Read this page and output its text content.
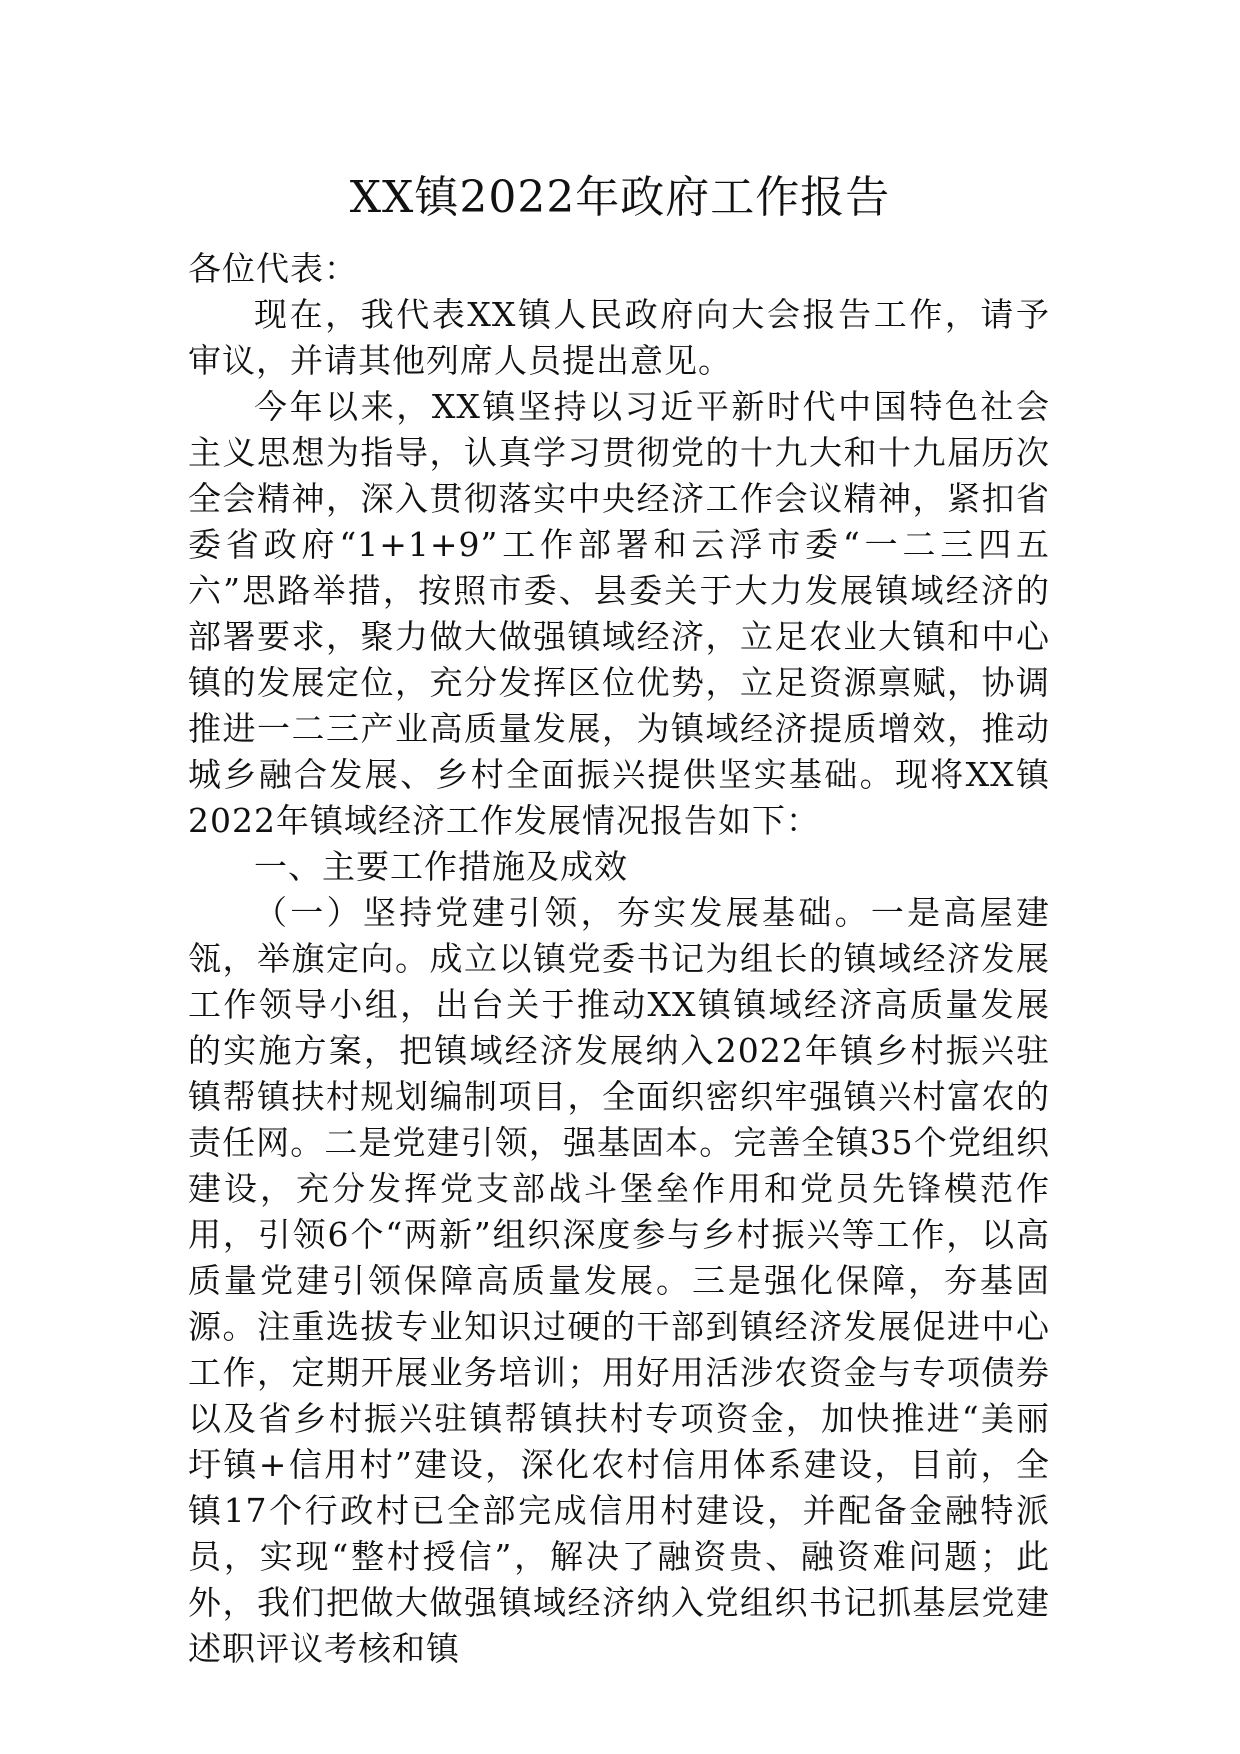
XX镇2022年政府工作报告

各位代表：

现在，我代表XX镇人民政府向大会报告工作，请予审议，并请其他列席人员提出意见。

今年以来，XX镇坚持以习近平新时代中国特色社会主义思想为指导，认真学习贯彻党的十九大和十九届历次全会精神，深入贯彻落实中央经济工作会议精神，紧扣省委省政府“1+1+9”工作部署和云浮市委“一二三四五六”思路举措，按照市委、县委关于大力发展镇域经济的部署要求，聚力做大做强镇域经济，立足农业大镇和中心镇的发展定位，充分发挥区位优势，立足资源禀赋，协调推进一二三产业高质量发展，为镇域经济提质增效，推动城乡融合发展、乡村全面振兴提供坚实基础。现将XX镇2022年镇域经济工作发展情况报告如下：

一、主要工作措施及成效

（一）坚持党建引领，夯实发展基础。一是高屋建瓴，举旗定向。成立以镇党委书记为组长的镇域经济发展工作领导小组，出台关于推动XX镇镇域经济高质量发展的实施方案，把镇域经济发展纳入2022年镇乡村振兴驻镇帮镇扶村规划编制项目，全面织密织牢强镇兴村富农的责任网。二是党建引领，强基固本。完善全镇35个党组织建设，充分发挥党支部战斗堡垒作用和党员先锋模范作用，引领6个“两新”组织深度参与乡村振兴等工作，以高质量党建引领保障高质量发展。三是强化保障，夯基固源。注重选拔专业知识过硬的干部到镇经济发展促进中心工作，定期开展业务培训；用好用活涉农资金与专项债券以及省乡村振兴驻镇帮镇扶村专项资金，加快推进“美丽圩镇+信用村”建设，深化农村信用体系建设，目前，全镇17个行政村已全部完成信用村建设，并配备金融特派员，实现“整村授信”，解决了融资贵、融资难问题；此外，我们把做大做强镇域经济纳入党组织书记抓基层党建述职评议考核和镇
